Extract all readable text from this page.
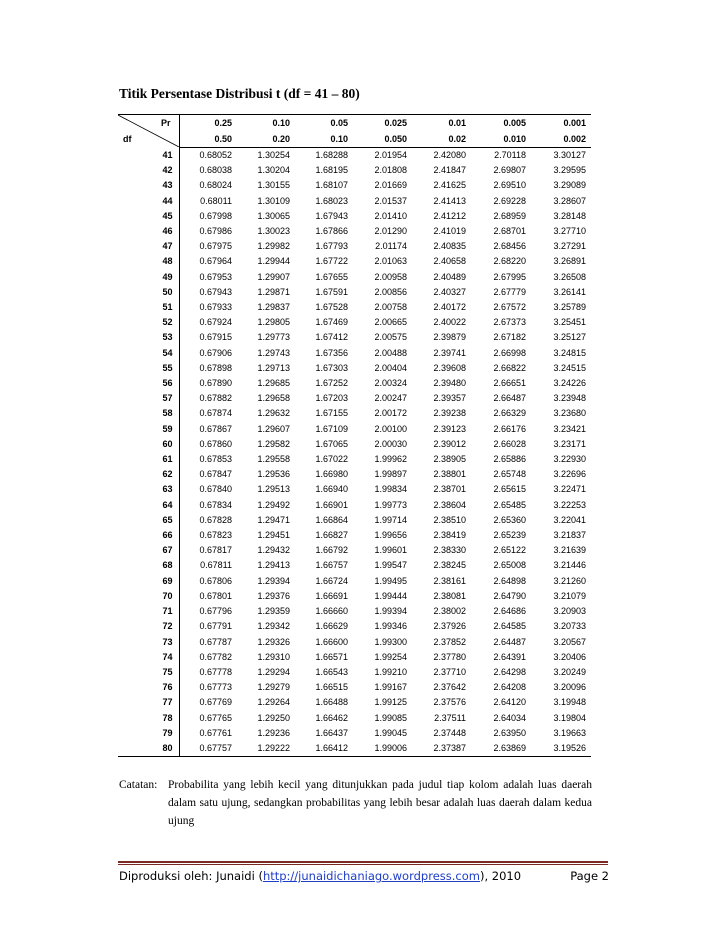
Titik Persentase Distribusi t (df = 41 – 80)
Pr
df	0.25	0.10	0.05	0.025	0.01	0.005	0.001
	0.50	0.20	0.10	0.050	0.02	0.010	0.002
41	0.68052	1.30254	1.68288	2.01954	2.42080	2.70118	3.30127
42	0.68038	1.30204	1.68195	2.01808	2.41847	2.69807	3.29595
43	0.68024	1.30155	1.68107	2.01669	2.41625	2.69510	3.29089
44	0.68011	1.30109	1.68023	2.01537	2.41413	2.69228	3.28607
45	0.67998	1.30065	1.67943	2.01410	2.41212	2.68959	3.28148
46	0.67986	1.30023	1.67866	2.01290	2.41019	2.68701	3.27710
47	0.67975	1.29982	1.67793	2.01174	2.40835	2.68456	3.27291
48	0.67964	1.29944	1.67722	2.01063	2.40658	2.68220	3.26891
49	0.67953	1.29907	1.67655	2.00958	2.40489	2.67995	3.26508
50	0.67943	1.29871	1.67591	2.00856	2.40327	2.67779	3.26141
51	0.67933	1.29837	1.67528	2.00758	2.40172	2.67572	3.25789
52	0.67924	1.29805	1.67469	2.00665	2.40022	2.67373	3.25451
53	0.67915	1.29773	1.67412	2.00575	2.39879	2.67182	3.25127
54	0.67906	1.29743	1.67356	2.00488	2.39741	2.66998	3.24815
55	0.67898	1.29713	1.67303	2.00404	2.39608	2.66822	3.24515
56	0.67890	1.29685	1.67252	2.00324	2.39480	2.66651	3.24226
57	0.67882	1.29658	1.67203	2.00247	2.39357	2.66487	3.23948
58	0.67874	1.29632	1.67155	2.00172	2.39238	2.66329	3.23680
59	0.67867	1.29607	1.67109	2.00100	2.39123	2.66176	3.23421
60	0.67860	1.29582	1.67065	2.00030	2.39012	2.66028	3.23171
61	0.67853	1.29558	1.67022	1.99962	2.38905	2.65886	3.22930
62	0.67847	1.29536	1.66980	1.99897	2.38801	2.65748	3.22696
63	0.67840	1.29513	1.66940	1.99834	2.38701	2.65615	3.22471
64	0.67834	1.29492	1.66901	1.99773	2.38604	2.65485	3.22253
65	0.67828	1.29471	1.66864	1.99714	2.38510	2.65360	3.22041
66	0.67823	1.29451	1.66827	1.99656	2.38419	2.65239	3.21837
67	0.67817	1.29432	1.66792	1.99601	2.38330	2.65122	3.21639
68	0.67811	1.29413	1.66757	1.99547	2.38245	2.65008	3.21446
69	0.67806	1.29394	1.66724	1.99495	2.38161	2.64898	3.21260
70	0.67801	1.29376	1.66691	1.99444	2.38081	2.64790	3.21079
71	0.67796	1.29359	1.66660	1.99394	2.38002	2.64686	3.20903
72	0.67791	1.29342	1.66629	1.99346	2.37926	2.64585	3.20733
73	0.67787	1.29326	1.66600	1.99300	2.37852	2.64487	3.20567
74	0.67782	1.29310	1.66571	1.99254	2.37780	2.64391	3.20406
75	0.67778	1.29294	1.66543	1.99210	2.37710	2.64298	3.20249
76	0.67773	1.29279	1.66515	1.99167	2.37642	2.64208	3.20096
77	0.67769	1.29264	1.66488	1.99125	2.37576	2.64120	3.19948
78	0.67765	1.29250	1.66462	1.99085	2.37511	2.64034	3.19804
79	0.67761	1.29236	1.66437	1.99045	2.37448	2.63950	3.19663
80	0.67757	1.29222	1.66412	1.99006	2.37387	2.63869	3.19526
Catatan: Probabilita yang lebih kecil yang ditunjukkan pada judul tiap kolom adalah luas daerah dalam satu ujung, sedangkan probabilitas yang lebih besar adalah luas daerah dalam kedua ujung
Diproduksi oleh: Junaidi (http://junaidichaniago.wordpress.com), 2010	Page 2
